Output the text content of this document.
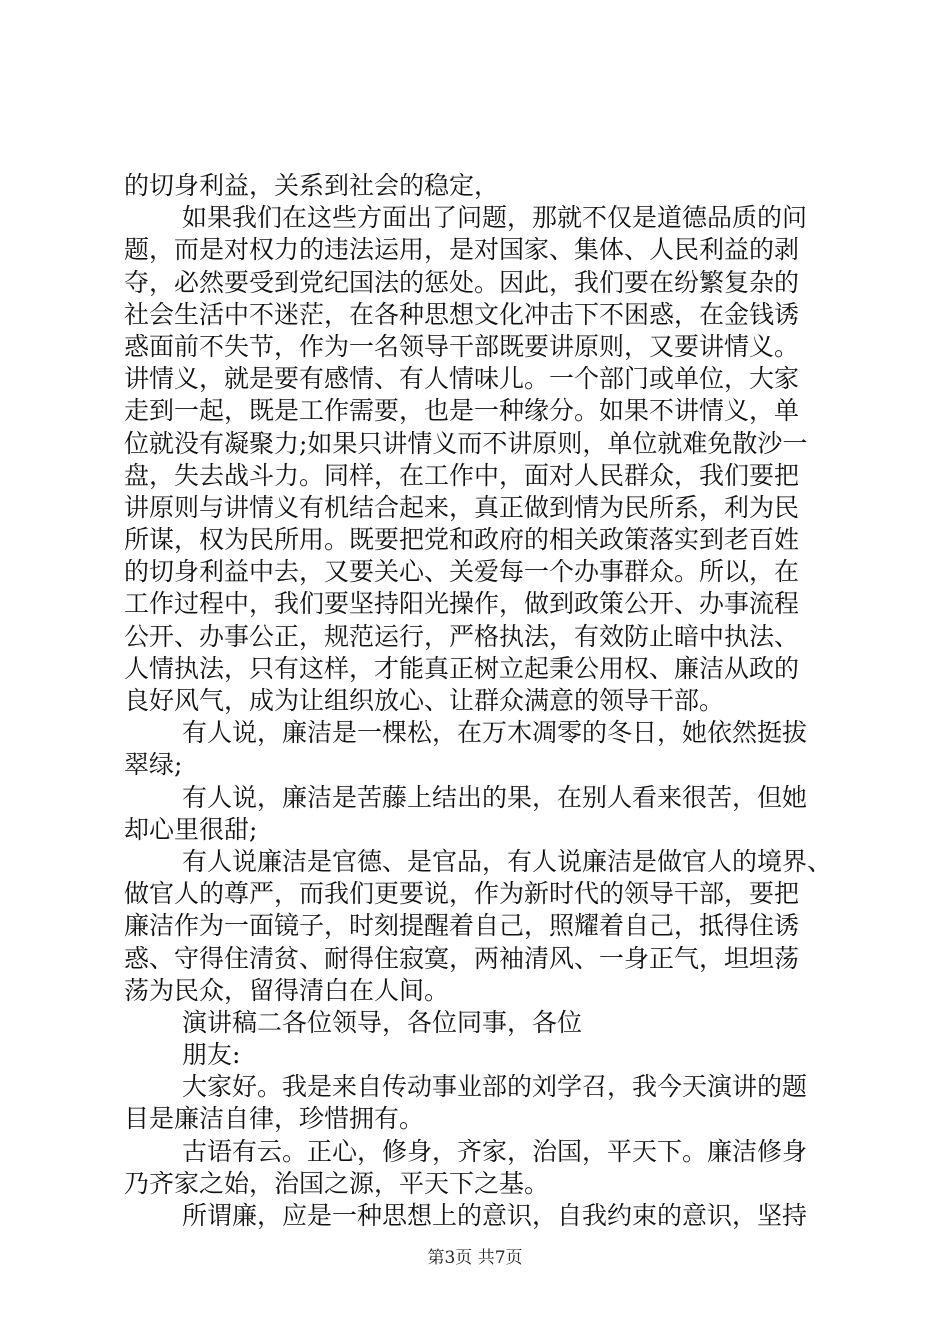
的切身利益，关系到社会的稳定，
如果我们在这些方面出了问题，那就不仅是道德品质的问
题，而是对权力的违法运用，是对国家、集体、人民利益的剥
夺，必然要受到党纪国法的惩处。因此，我们要在纷繁复杂的
社会生活中不迷茫，在各种思想文化冲击下不困惑，在金钱诱
惑面前不失节，作为一名领导干部既要讲原则，又要讲情义。
讲情义，就是要有感情、有人情味儿。一个部门或单位，大家
走到一起，既是工作需要，也是一种缘分。如果不讲情义，单
位就没有凝聚力;如果只讲情义而不讲原则，单位就难免散沙一
盘，失去战斗力。同样，在工作中，面对人民群众，我们要把
讲原则与讲情义有机结合起来，真正做到情为民所系，利为民
所谋，权为民所用。既要把党和政府的相关政策落实到老百姓
的切身利益中去，又要关心、关爱每一个办事群众。所以，在
工作过程中，我们要坚持阳光操作，做到政策公开、办事流程
公开、办事公正，规范运行，严格执法，有效防止暗中执法、
人情执法，只有这样，才能真正树立起秉公用权、廉洁从政的
良好风气，成为让组织放心、让群众满意的领导干部。
有人说，廉洁是一棵松，在万木凋零的冬日，她依然挺拔
翠绿;
有人说，廉洁是苦藤上结出的果，在别人看来很苦，但她
却心里很甜;
有人说廉洁是官德、是官品，有人说廉洁是做官人的境界、
做官人的尊严，而我们更要说，作为新时代的领导干部，要把
廉洁作为一面镜子，时刻提醒着自己，照耀着自己，抵得住诱
惑、守得住清贫、耐得住寂寞，两袖清风、一身正气，坦坦荡
荡为民众，留得清白在人间。
演讲稿二各位领导，各位同事，各位
朋友:
大家好。我是来自传动事业部的刘学召，我今天演讲的题
目是廉洁自律，珍惜拥有。
古语有云。正心，修身，齐家，治国，平天下。廉洁修身
乃齐家之始，治国之源，平天下之基。
所谓廉，应是一种思想上的意识，自我约束的意识，坚持
第3页 共7页
